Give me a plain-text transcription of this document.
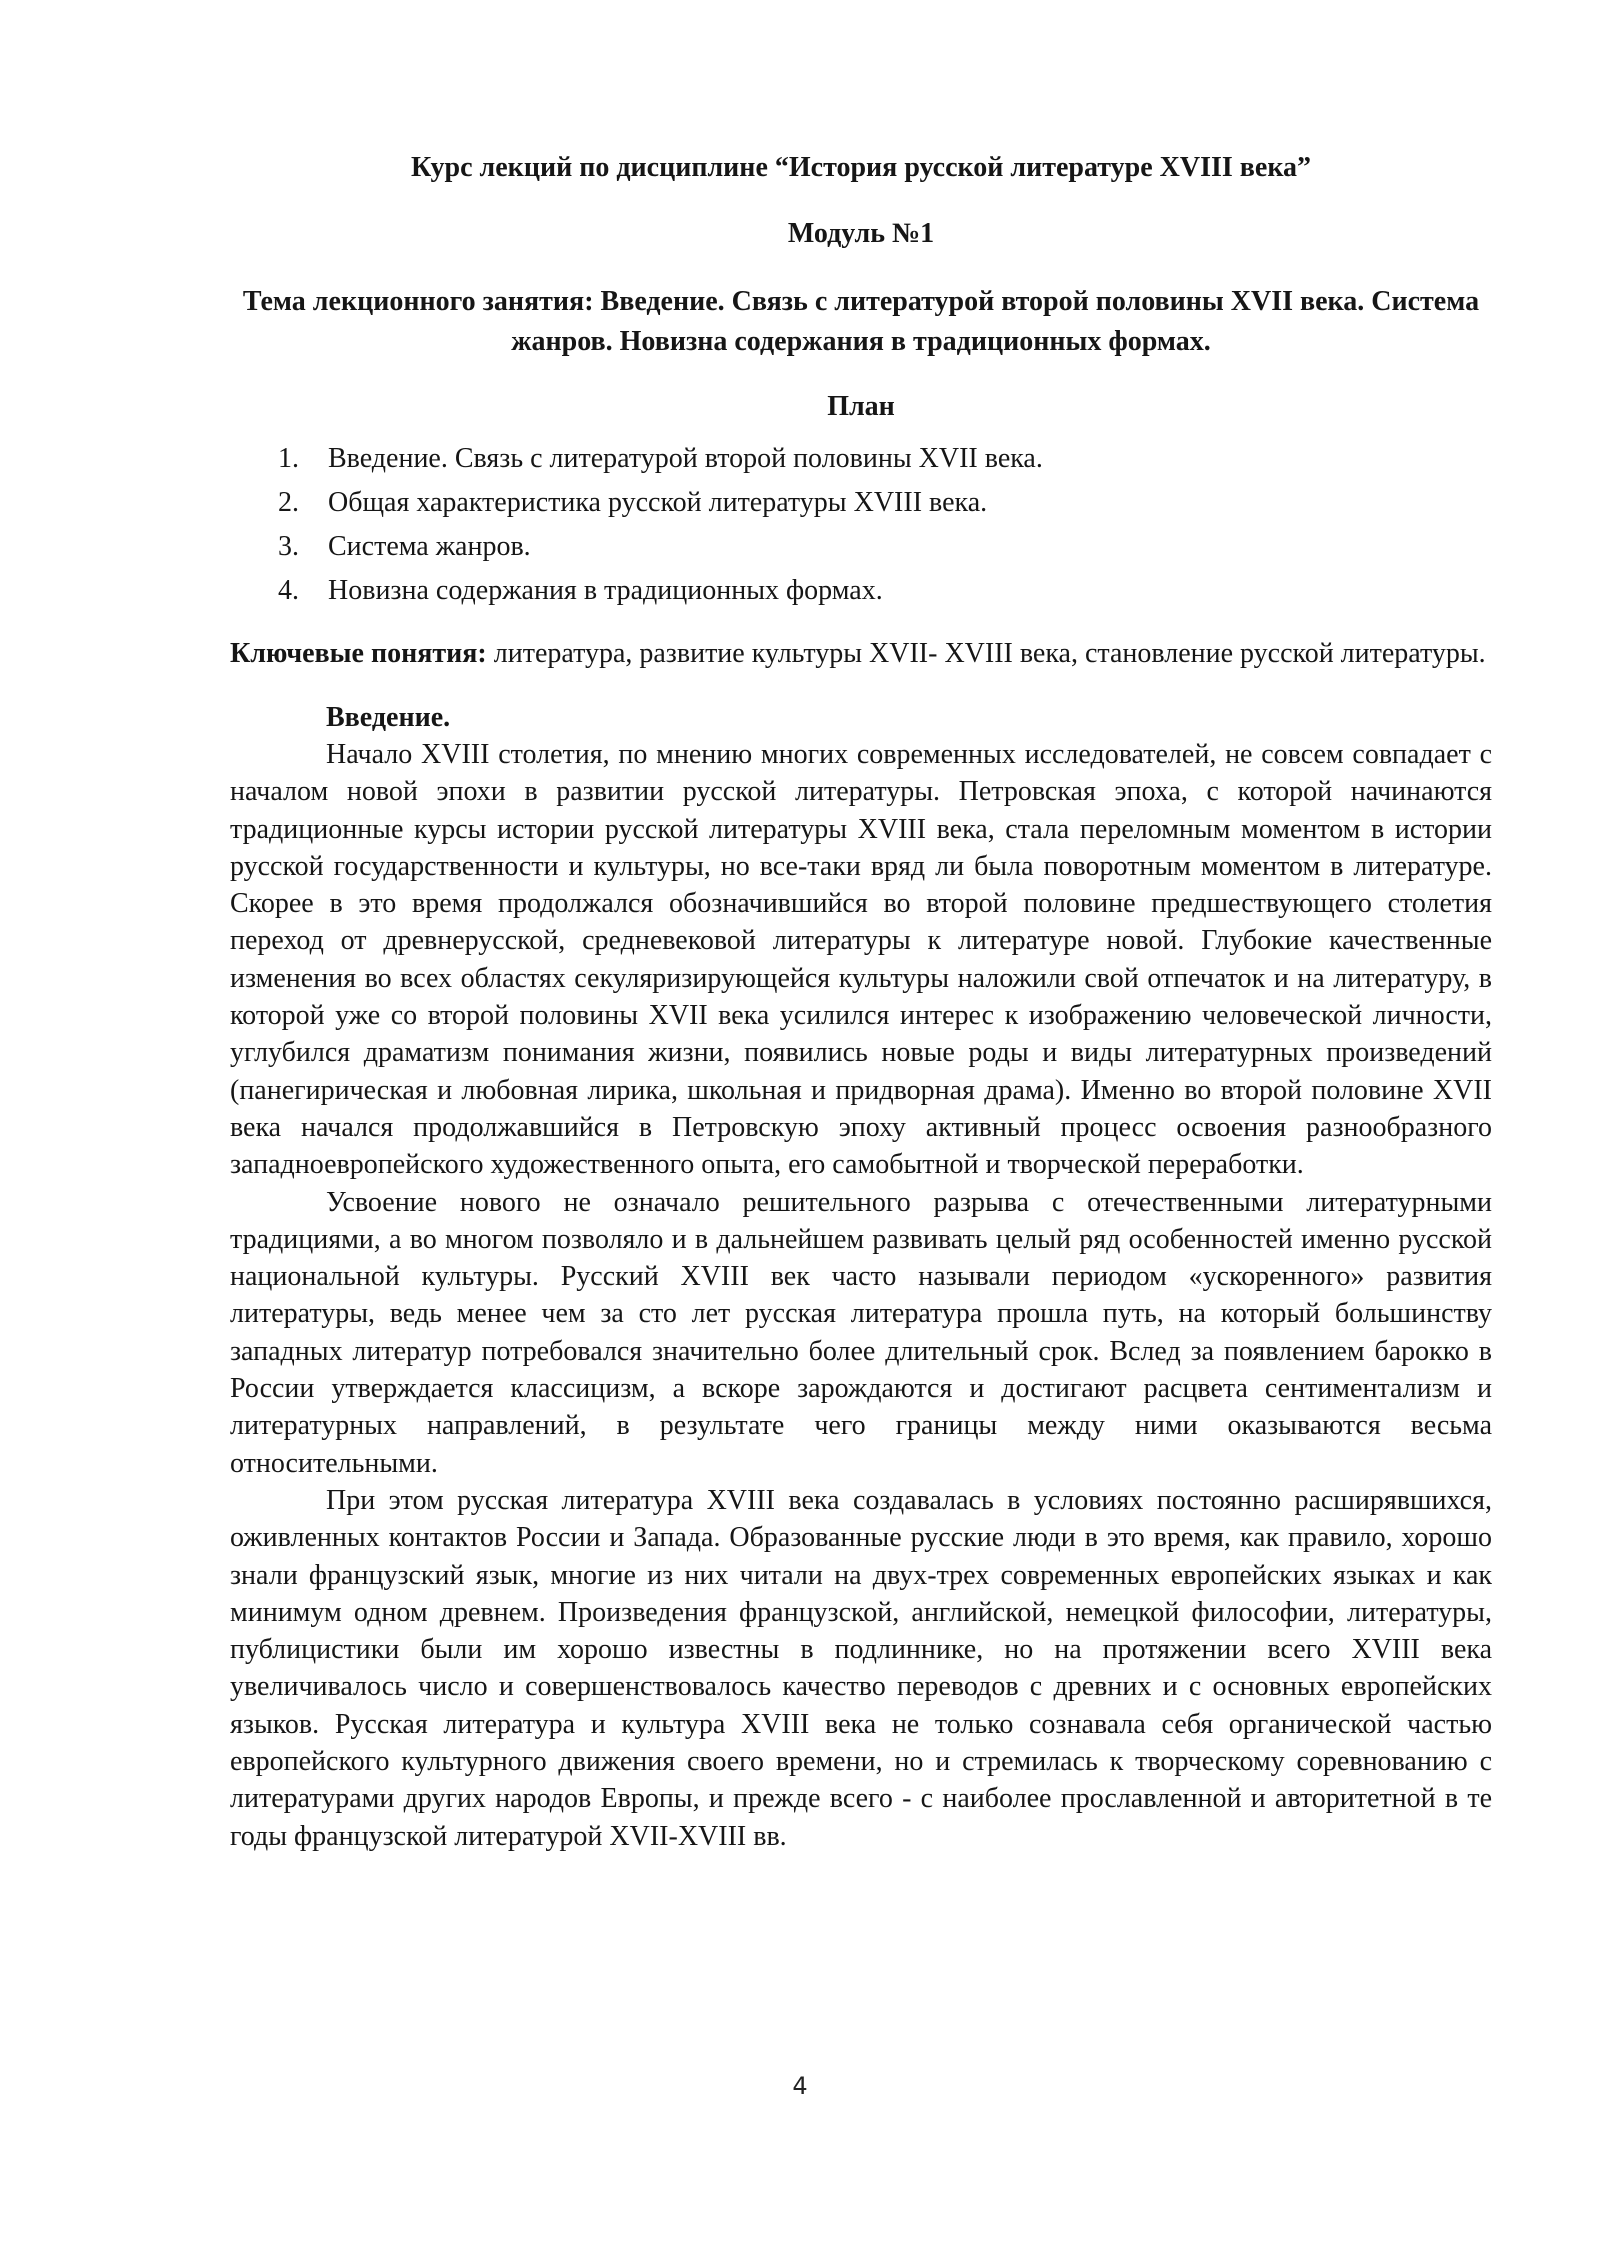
Курс лекций по дисциплине “История русской литературе XVIII века”

Модуль №1

Тема лекционного занятия: Введение. Связь с литературой второй половины XVII века. Система жанров. Новизна содержания в традиционных формах.

План

1.	Введение. Связь с литературой второй половины XVII века.
2.	Общая характеристика русской литературы XVIII века.
3.	Система жанров.
4.	Новизна содержания в традиционных формах.

Ключевые понятия: литература, развитие культуры XVII- XVIII века, становление русской литературы.

Введение.

Начало XVIII столетия, по мнению многих современных исследователей, не совсем совпадает с началом новой эпохи в развитии русской литературы. Петровская эпоха, с которой начинаются традиционные курсы истории русской литературы XVIII века, стала переломным моментом в истории русской государственности и культуры, но все-таки вряд ли была поворотным моментом в литературе. Скорее в это время продолжался обозначившийся во второй половине предшествующего столетия переход от древнерусской, средневековой литературы к литературе новой. Глубокие качественные изменения во всех областях секуляризирующейся культуры наложили свой отпечаток и на литературу, в которой уже со второй половины XVII века усилился интерес к изображению человеческой личности, углубился драматизм понимания жизни, появились новые роды и виды литературных произведений (панегирическая и любовная лирика, школьная и придворная драма). Именно во второй половине XVII века начался продолжавшийся в Петровскую эпоху активный процесс освоения разнообразного западноевропейского художественного опыта, его самобытной и творческой переработки.

Усвоение нового не означало решительного разрыва с отечественными литературными традициями, а во многом позволяло и в дальнейшем развивать целый ряд особенностей именно русской национальной культуры. Русский XVIII век часто называли периодом «ускоренного» развития литературы, ведь менее чем за сто лет русская литература прошла путь, на который большинству западных литератур потребовался значительно более длительный срок. Вслед за появлением барокко в России утверждается классицизм, а вскоре зарождаются и достигают расцвета сентиментализм и литературных направлений, в результате чего границы между ними оказываются весьма относительными.

При этом русская литература XVIII века создавалась в условиях постоянно расширявшихся, оживленных контактов России и Запада. Образованные русские люди в это время, как правило, хорошо знали французский язык, многие из них читали на двух-трех современных европейских языках и как минимум одном древнем. Произведения французской, английской, немецкой философии, литературы, публицистики были им хорошо известны в подлиннике, но на протяжении всего XVIII века увеличивалось число и совершенствовалось качество переводов с древних и с основных европейских языков. Русская литература и культура XVIII века не только сознавала себя органической частью европейского культурного движения своего времени, но и стремилась к творческому соревнованию с литературами других народов Европы, и прежде всего - с наиболее прославленной и авторитетной в те годы французской литературой XVII-XVIII вв.

4
